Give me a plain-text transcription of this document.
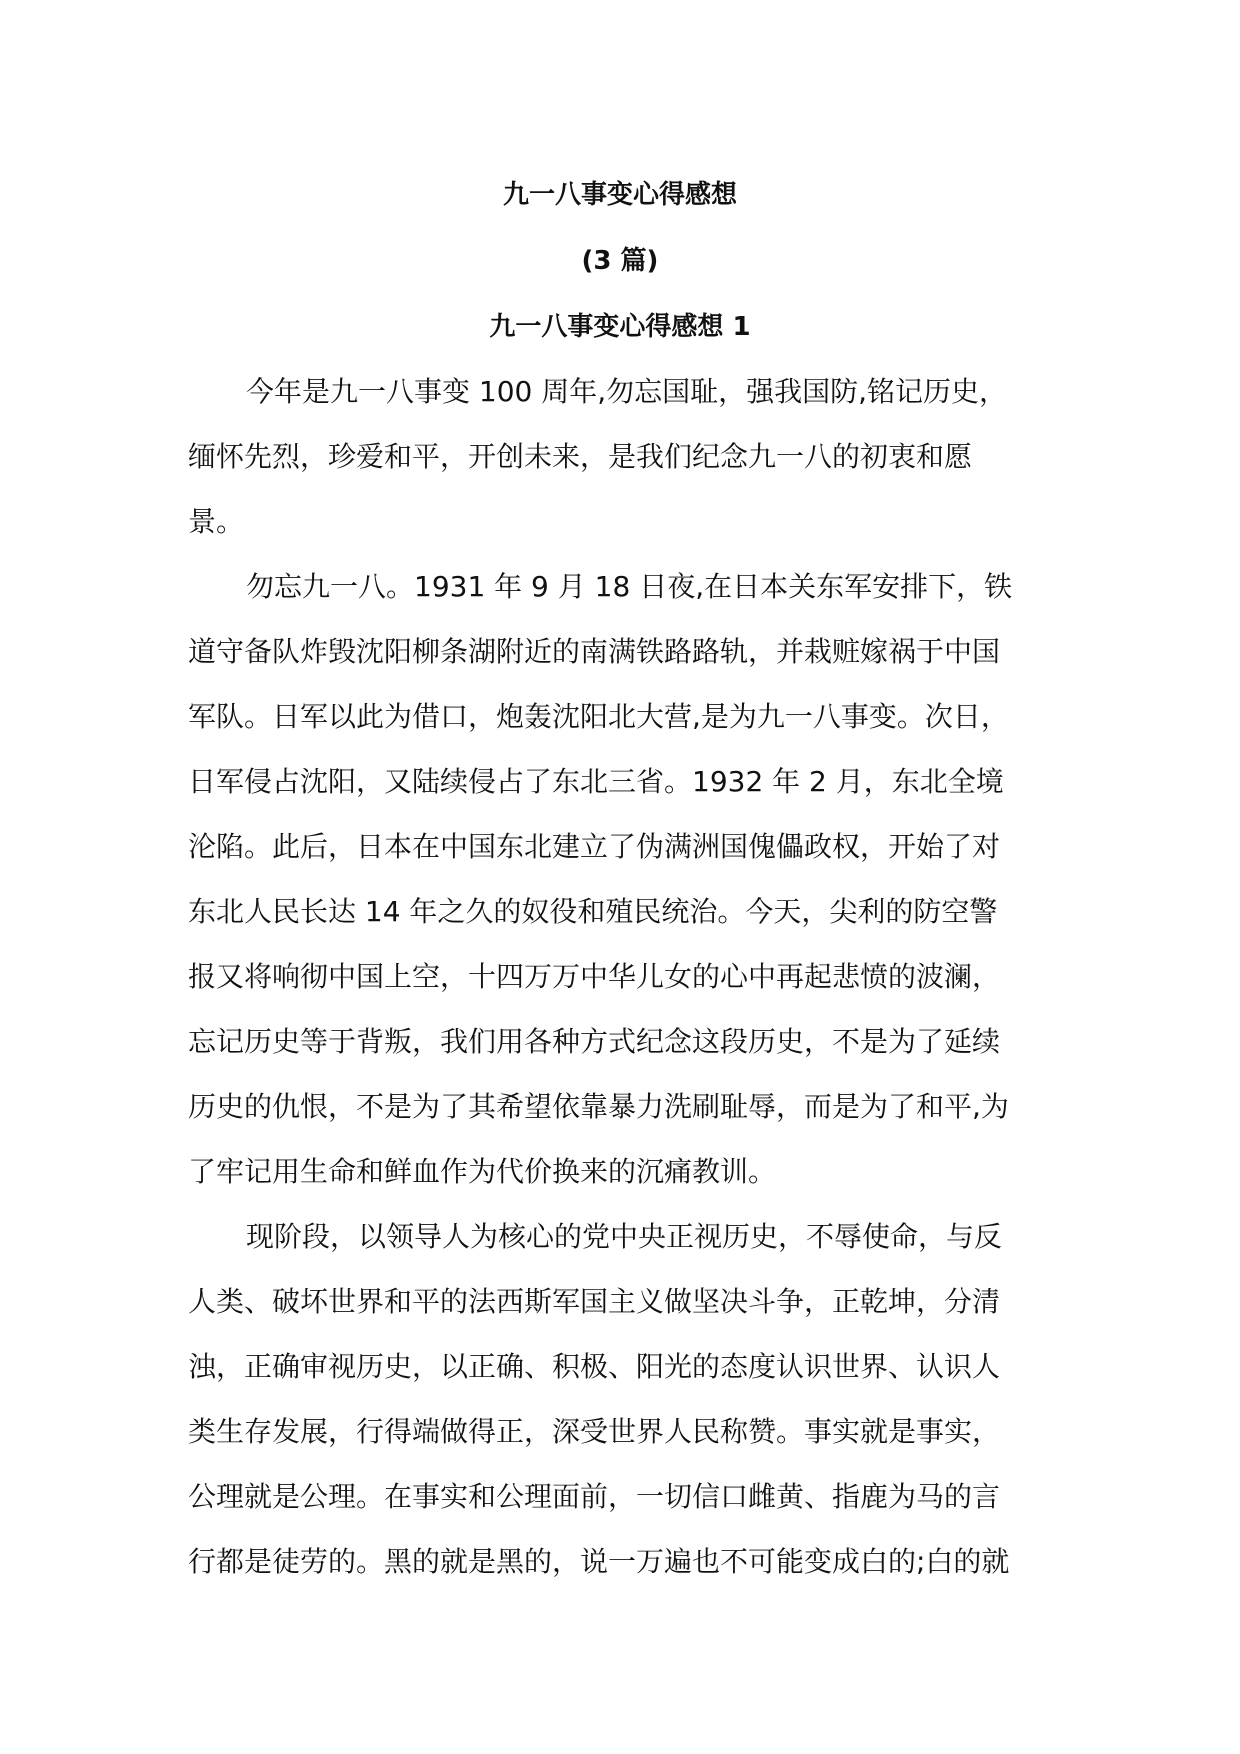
九一八事变心得感想
(3 篇)
九一八事变心得感想 1
今年是九一八事变 100 周年,勿忘国耻，强我国防,铭记历史，
缅怀先烈，珍爱和平，开创未来，是我们纪念九一八的初衷和愿
景。
勿忘九一八。1931 年 9 月 18 日夜,在日本关东军安排下，铁
道守备队炸毁沈阳柳条湖附近的南满铁路路轨，并栽赃嫁祸于中国
军队。日军以此为借口，炮轰沈阳北大营,是为九一八事变。次日，
日军侵占沈阳，又陆续侵占了东北三省。1932 年 2 月，东北全境
沦陷。此后，日本在中国东北建立了伪满洲国傀儡政权，开始了对
东北人民长达 14 年之久的奴役和殖民统治。今天，尖利的防空警
报又将响彻中国上空，十四万万中华儿女的心中再起悲愤的波澜，
忘记历史等于背叛，我们用各种方式纪念这段历史，不是为了延续
历史的仇恨，不是为了其希望依靠暴力洗刷耻辱，而是为了和平,为
了牢记用生命和鲜血作为代价换来的沉痛教训。
现阶段，以领导人为核心的党中央正视历史，不辱使命，与反
人类、破坏世界和平的法西斯军国主义做坚决斗争，正乾坤，分清
浊，正确审视历史，以正确、积极、阳光的态度认识世界、认识人
类生存发展，行得端做得正，深受世界人民称赞。事实就是事实，
公理就是公理。在事实和公理面前，一切信口雌黄、指鹿为马的言
行都是徒劳的。黑的就是黑的，说一万遍也不可能变成白的;白的就
